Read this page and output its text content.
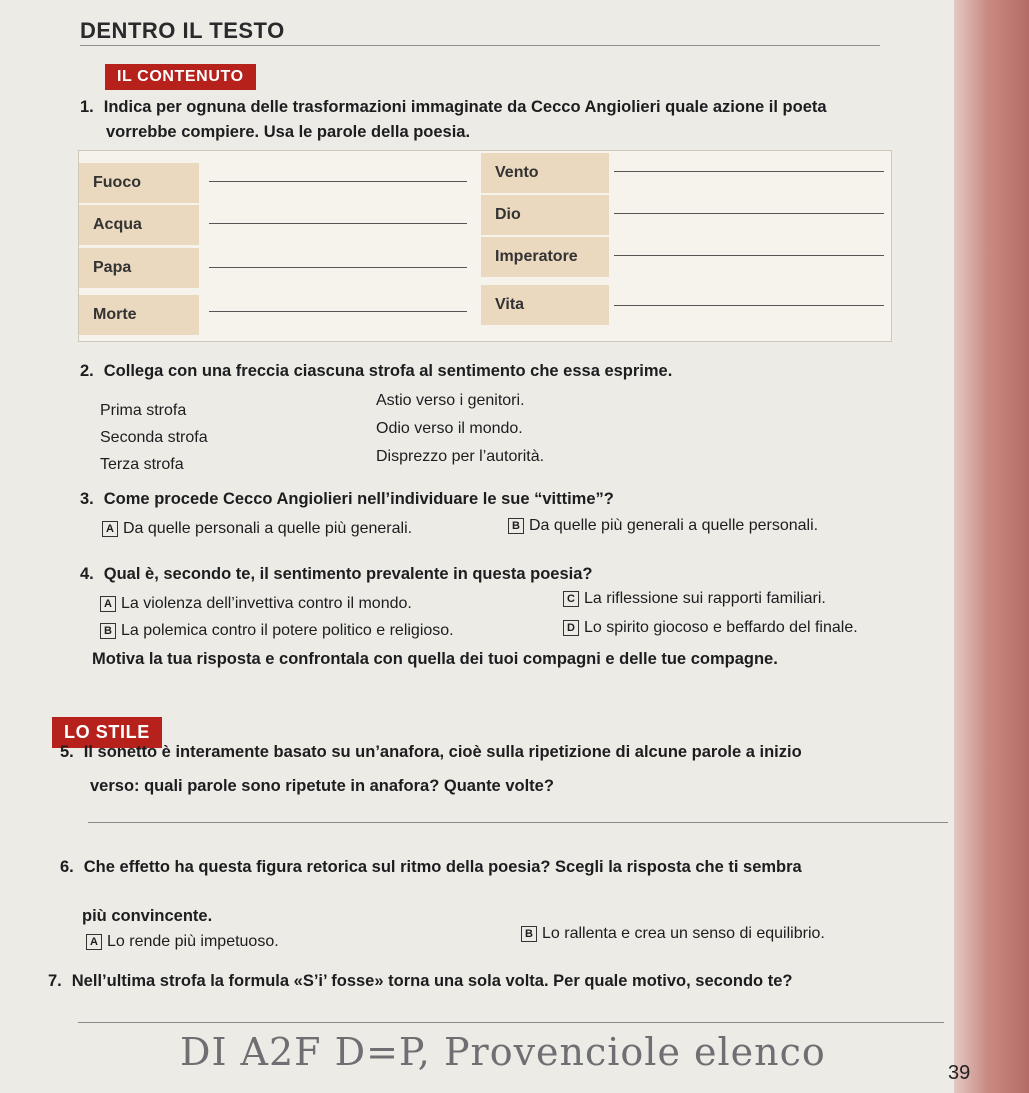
DENTRO IL TESTO
IL CONTENUTO
1. Indica per ognuna delle trasformazioni immaginate da Cecco Angiolieri quale azione il poeta
vorrebbe compiere. Usa le parole della poesia.
Fuoco
Acqua
Papa
Morte
Vento
Dio
Imperatore
Vita
2. Collega con una freccia ciascuna strofa al sentimento che essa esprime.
Prima strofa
Seconda strofa
Terza strofa
Astio verso i genitori.
Odio verso il mondo.
Disprezzo per l’autorità.
3. Come procede Cecco Angiolieri nell’individuare le sue “vittime”?
A Da quelle personali a quelle più generali.	B Da quelle più generali a quelle personali.
4. Qual è, secondo te, il sentimento prevalente in questa poesia?
A La violenza dell’invettiva contro il mondo.
B La polemica contro il potere politico e religioso.
C La riflessione sui rapporti familiari.
D Lo spirito giocoso e beffardo del finale.
Motiva la tua risposta e confrontala con quella dei tuoi compagni e delle tue compagne.
LO STILE
5. Il sonetto è interamente basato su un’anafora, cioè sulla ripetizione di alcune parole a inizio
verso: quali parole sono ripetute in anafora? Quante volte?
6. Che effetto ha questa figura retorica sul ritmo della poesia? Scegli la risposta che ti sembra
più convincente.
A Lo rende più impetuoso.	B Lo rallenta e crea un senso di equilibrio.
7. Nell’ultima strofa la formula «S’i’ fosse» torna una sola volta. Per quale motivo, secondo te?
DI A2F D=P, Provenciole elenco	39
